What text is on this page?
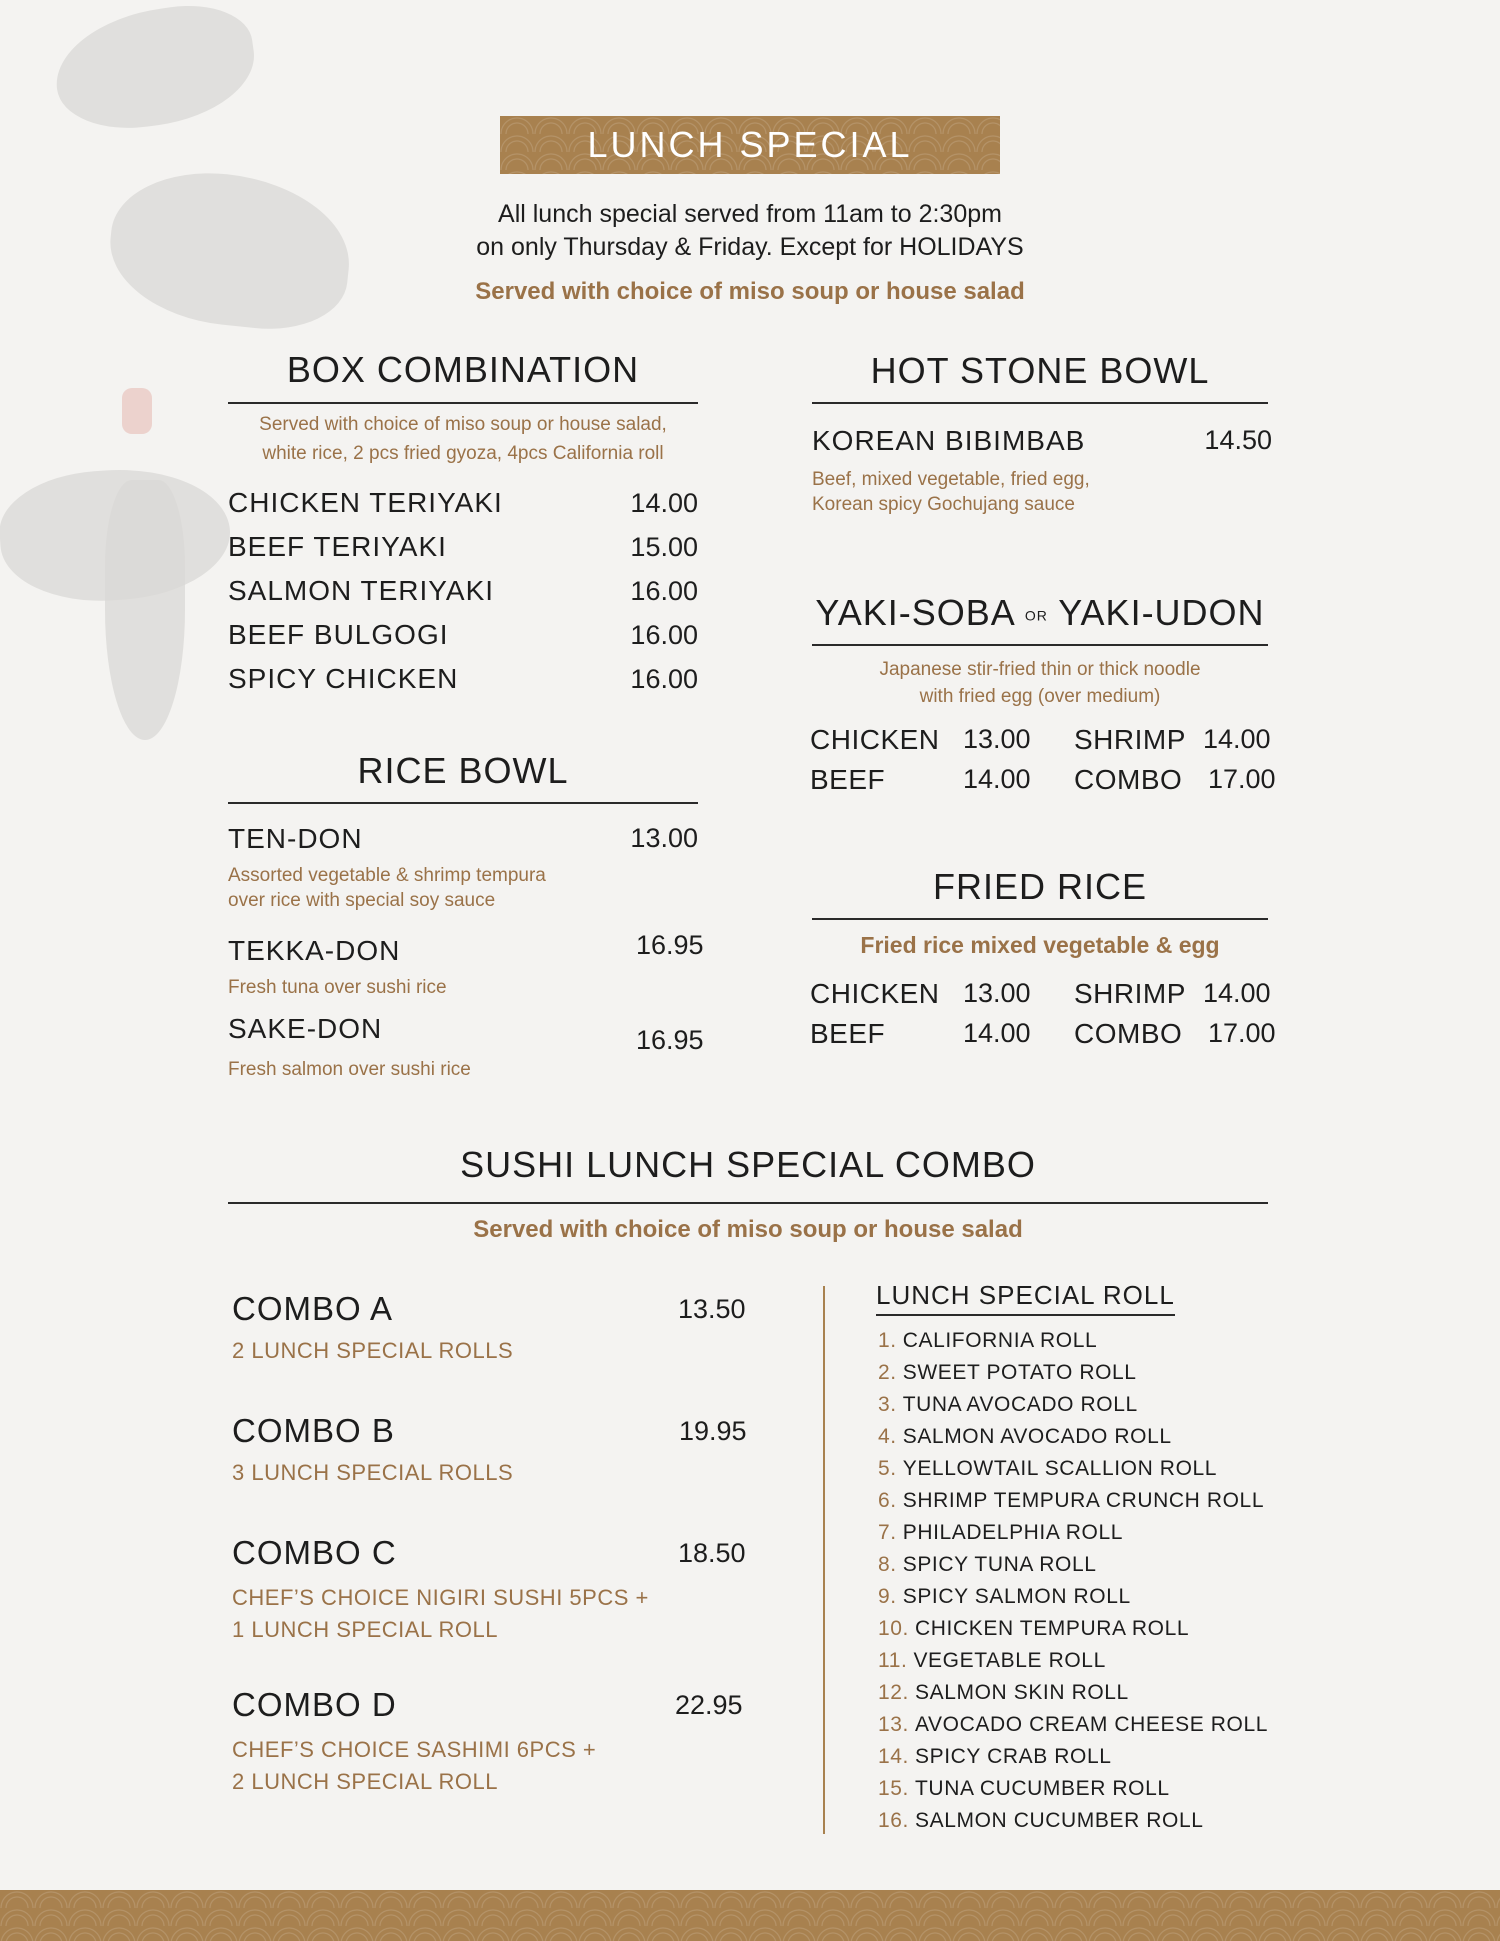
LUNCH SPECIAL
All lunch special served from 11am to 2:30pm
on only Thursday & Friday. Except for HOLIDAYS
Served with choice of miso soup or house salad
BOX COMBINATION
Served with choice of miso soup or house salad,
white rice, 2 pcs fried gyoza, 4pcs California roll
CHICKEN TERIYAKI	14.00
BEEF TERIYAKI	15.00
SALMON TERIYAKI	16.00
BEEF BULGOGI	16.00
SPICY CHICKEN	16.00
RICE BOWL
TEN-DON	13.00
Assorted vegetable & shrimp tempura
over rice with special soy sauce
TEKKA-DON
Fresh tuna over sushi rice
16.95
SAKE-DON
Fresh salmon over sushi rice
16.95
HOT STONE BOWL
KOREAN BIBIMBAB	14.50
Beef, mixed vegetable, fried egg,
Korean spicy Gochujang sauce
YAKI-SOBA OR YAKI-UDON
Japanese stir-fried thin or thick noodle
with fried egg (over medium)
CHICKEN 13.00 SHRIMP 14.00
BEEF	14.00 COMBO 17.00
FRIED RICE
Fried rice mixed vegetable & egg
CHICKEN 13.00 SHRIMP 14.00
BEEF	14.00 COMBO 17.00
SUSHI LUNCH SPECIAL COMBO
Served with choice of miso soup or house salad
COMBO A	13.50
2 LUNCH SPECIAL ROLLS
COMBO B	19.95
3 LUNCH SPECIAL ROLLS
COMBO C	18.50
CHEF’S CHOICE NIGIRI SUSHI 5PCS +
1 LUNCH SPECIAL ROLL
COMBO D	22.95
CHEF’S CHOICE SASHIMI 6PCS +
2 LUNCH SPECIAL ROLL
LUNCH SPECIAL ROLL
1. CALIFORNIA ROLL
2. SWEET POTATO ROLL
3. TUNA AVOCADO ROLL
4. SALMON AVOCADO ROLL
5. YELLOWTAIL SCALLION ROLL
6. SHRIMP TEMPURA CRUNCH ROLL
7. PHILADELPHIA ROLL
8. SPICY TUNA ROLL
9. SPICY SALMON ROLL
10. CHICKEN TEMPURA ROLL
11. VEGETABLE ROLL
12. SALMON SKIN ROLL
13. AVOCADO CREAM CHEESE ROLL
14. SPICY CRAB ROLL
15. TUNA CUCUMBER ROLL
16. SALMON CUCUMBER ROLL
